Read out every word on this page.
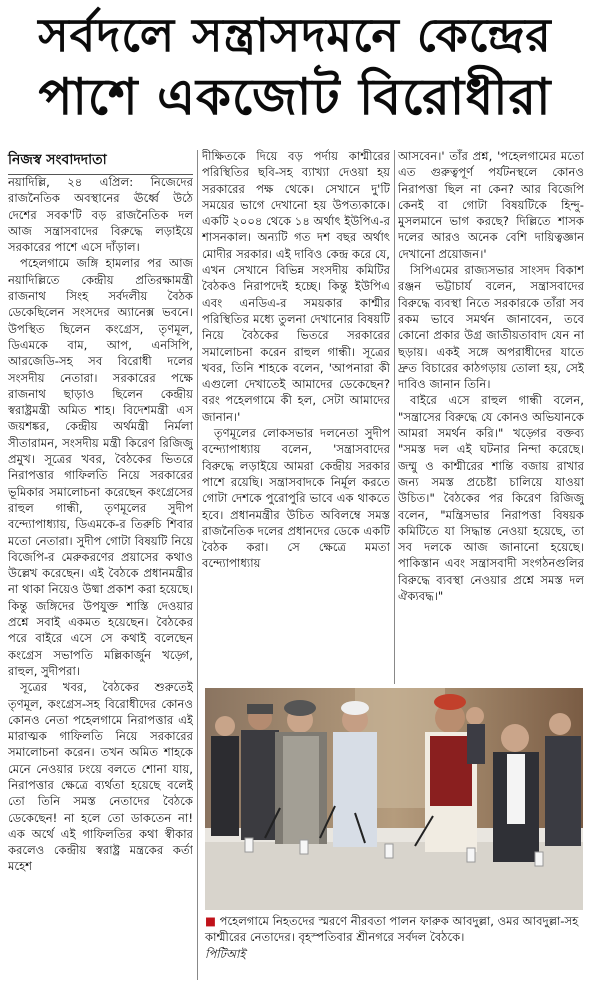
সর্বদলে সন্ত্রাসদমনে কেন্দ্রের
পাশে একজোট বিরোধীরা
নিজস্ব সংবাদদাতা

নয়াদিল্লি, ২৪ এপ্রিল: নিজেদের রাজনৈতিক অবস্থানের ঊর্ধ্বে উঠে দেশের সবক'টি বড় রাজনৈতিক দল আজ সন্ত্রাসবাদের বিরুদ্ধে লড়াইয়ে সরকারের পাশে এসে দাঁড়াল।

পহেলগামে জঙ্গি হামলার পর আজ নয়াদিল্লিতে কেন্দ্রীয় প্রতিরক্ষামন্ত্রী রাজনাথ সিংহ সর্বদলীয় বৈঠক ডেকেছিলেন সংসদের অ্যানেক্স ভবনে। উপস্থিত ছিলেন কংগ্রেস, তৃণমূল, ডিএমকে বাম, আপ, এনসিপি, আরজেডি-সহ সব বিরোধী দলের সংসদীয় নেতারা। সরকারের পক্ষে রাজনাথ ছাড়াও ছিলেন কেন্দ্রীয় স্বরাষ্ট্রমন্ত্রী অমিত শাহ। বিদেশমন্ত্রী এস জয়শঙ্কর, কেন্দ্রীয় অর্থমন্ত্রী নির্মলা সীতারামন, সংসদীয় মন্ত্রী কিরেণ রিজিজু প্রমুখ। সূত্রের খবর, বৈঠকের ভিতরে নিরাপত্তার গাফিলতি নিয়ে সরকারের ভূমিকার সমালোচনা করেছেন কংগ্রেসের রাহুল গান্ধী, তৃণমূলের সুদীপ বন্দ্যোপাধ্যায়, ডিএমকে-র তিরুচি শিবার মতো নেতারা। সুদীপ গোটা বিষয়টি নিয়ে বিজেপি-র মেরুকরণের প্রয়াসের কথাও উল্লেখ করেছেন। এই বৈঠকে প্রধানমন্ত্রীর না থাকা নিয়েও উষ্মা প্রকাশ করা হয়েছে। কিন্তু জঙ্গিদের উপযুক্ত শাস্তি দেওয়ার প্রশ্নে সবাই একমত হয়েছেন। বৈঠকের পরে বাইরে এসে সে কথাই বলেছেন কংগ্রেস সভাপতি মল্লিকার্জুন খড়্গে, রাহুল, সুদীপরা।

সূত্রের খবর, বৈঠকের শুরুতেই তৃণমূল, কংগ্রেস-সহ বিরোধীদের কোনও কোনও নেতা পহেলগামে নিরাপত্তার এই মারাত্মক গাফিলতি নিয়ে সরকারের সমালোচনা করেন। তখন অমিত শাহকে মেনে নেওয়ার ঢংয়ে বলতে শোনা যায়, নিরাপত্তার ক্ষেত্রে ব্যর্থতা হয়েছে বলেই তো তিনি সমস্ত নেতাদের বৈঠকে ডেকেছেন! না হলে তো ডাকতেন না! এক অর্থে এই গাফিলতির কথা স্বীকার করলেও কেন্দ্রীয় স্বরাষ্ট্র মন্ত্রকের কর্তা মহেশ

দীক্ষিতকে দিয়ে বড় পর্দায় কাশ্মীরের পরিস্থিতির ছবি-সহ ব্যাখ্যা দেওয়া হয় সরকারের পক্ষ থেকে। সেখানে দু'টি সময়ের ভাগে দেখানো হয় উপত্যকাকে। একটি ২০০৪ থেকে ১৪ অর্থাৎ ইউপিএ-র শাসনকাল। অন্যটি গত দশ বছর অর্থাৎ মোদীর সরকার। এই দাবিও কেন্দ্র করে যে, এখন সেখানে বিভিন্ন সংসদীয় কমিটির বৈঠকও নিরাপদেই হচ্ছে। কিন্তু ইউপিএ এবং এনডিএ-র সময়কার কাশ্মীর পরিস্থিতির মধ্যে তুলনা দেখানোর বিষয়টি নিয়ে বৈঠকের ভিতরে সরকারের সমালোচনা করেন রাহুল গান্ধী। সূত্রের খবর, তিনি শাহকে বলেন, 'আপনারা কী এগুলো দেখাতেই আমাদের ডেকেছেন? বরং পহেলগামে কী হল, সেটা আমাদের জানান।'

তৃণমূলের লোকসভার দলনেতা সুদীপ বন্দ্যোপাধ্যায় বলেন, 'সন্ত্রাসবাদের বিরুদ্ধে লড়াইয়ে আমরা কেন্দ্রীয় সরকার পাশে রয়েছি। সন্ত্রাসবাদকে নির্মূল করতে গোটা দেশকে পুরোপুরি ভাবে এক থাকতে হবে। প্রধানমন্ত্রীর উচিত অবিলম্বে সমস্ত রাজনৈতিক দলের প্রধানদের ডেকে একটি বৈঠক করা। সে ক্ষেত্রে মমতা বন্দ্যোপাধ্যায়

আসবেন।' তাঁর প্রশ্ন, 'পহেলগামের মতো এত গুরুত্বপূর্ণ পর্যটনস্থলে কোনও নিরাপত্তা ছিল না কেন? আর বিজেপি কেনই বা গোটা বিষয়টিকে হিন্দু-মুসলমানে ভাগ করছে? দিল্লিতে শাসক দলের আরও অনেক বেশি দায়িত্বজ্ঞান দেখানো প্রয়োজন।'

সিপিএমের রাজ্যসভার সাংসদ বিকাশ রঞ্জন ভট্টাচার্য বলেন, সন্ত্রাসবাদের বিরুদ্ধে ব্যবস্থা নিতে সরকারকে তাঁরা সব রকম ভাবে সমর্থন জানাবেন, তবে কোনো প্রকার উগ্র জাতীয়তাবাদ যেন না ছড়ায়। একই সঙ্গে অপরাধীদের যাতে দ্রুত বিচারের কাঠগড়ায় তোলা হয়, সেই দাবিও জানান তিনি।

বাইরে এসে রাহুল গান্ধী বলেন, "সন্ত্রাসের বিরুদ্ধে যে কোনও অভিযানকে আমরা সমর্থন করি।" খড়্গের বক্তব্য "সমস্ত দল এই ঘটনার নিন্দা করেছে। জম্মু ও কাশ্মীরের শান্তি বজায় রাখার জন্য সমস্ত প্রচেষ্টা চালিয়ে যাওয়া উচিত।" বৈঠকের পর কিরেণ রিজিজু বলেন, "মন্ত্রিসভার নিরাপত্তা বিষয়ক কমিটিতে যা সিদ্ধান্ত নেওয়া হয়েছে, তা সব দলকে আজ জানানো হয়েছে। পাকিস্তান এবং সন্ত্রাসবাদী সংগঠনগুলির বিরুদ্ধে ব্যবস্থা নেওয়ার প্রশ্নে সমস্ত দল ঐক্যবদ্ধ।"

■ পহেলগামে নিহতদের স্মরণে নীরবতা পালন ফারুক আবদুল্লা, ওমর আবদুল্লা-সহ কাশ্মীরের নেতাদের। বৃহস্পতিবার শ্রীনগরে সর্বদল বৈঠকে।
পিটিআই
